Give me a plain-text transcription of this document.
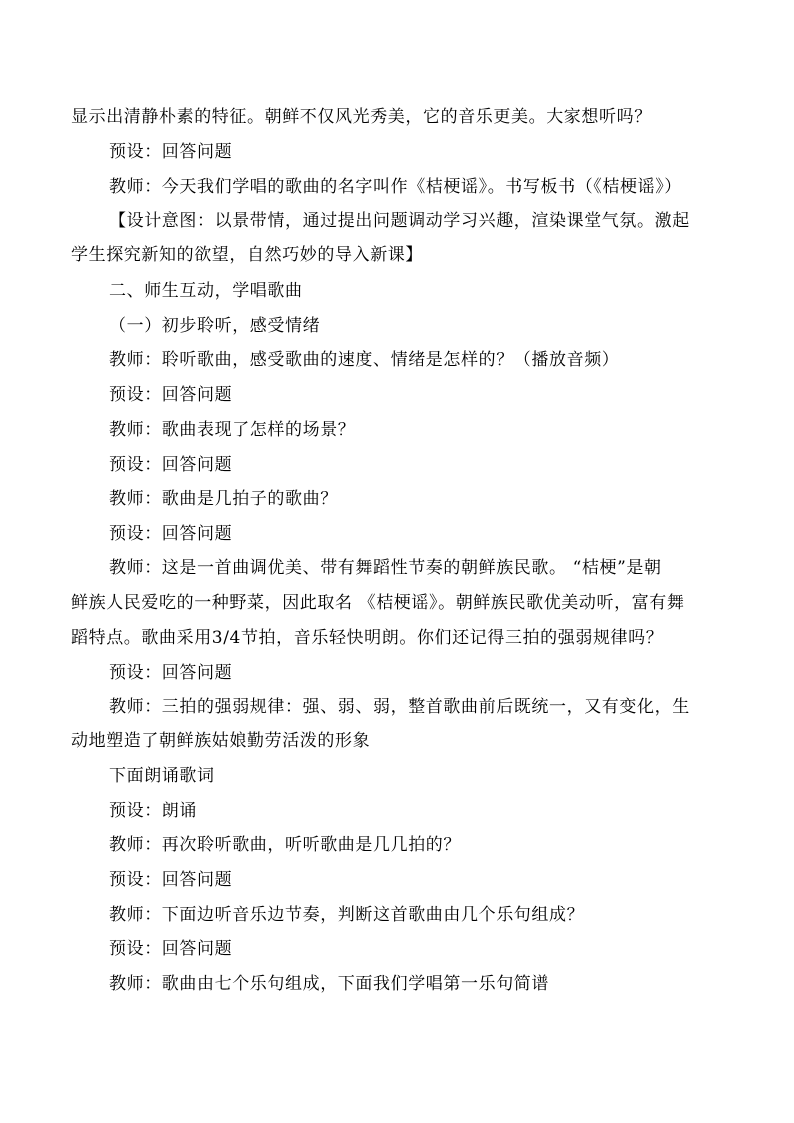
显示出清静朴素的特征。朝鲜不仅风光秀美，它的音乐更美。大家想听吗？
预设：回答问题
教师：今天我们学唱的歌曲的名字叫作《桔梗谣》。书写板书（《桔梗谣》）
【设计意图：以景带情，通过提出问题调动学习兴趣，渲染课堂气氛。激起
学生探究新知的欲望，自然巧妙的导入新课】
二、师生互动，学唱歌曲
（一）初步聆听，感受情绪
教师：聆听歌曲，感受歌曲的速度、情绪是怎样的？（播放音频）
预设：回答问题
教师：歌曲表现了怎样的场景？
预设：回答问题
教师：歌曲是几拍子的歌曲？
预设：回答问题
教师：这是一首曲调优美、带有舞蹈性节奏的朝鲜族民歌。 “桔梗”是朝
鲜族人民爱吃的一种野菜，因此取名 《桔梗谣》。朝鲜族民歌优美动听，富有舞
蹈特点。歌曲采用3/4节拍，音乐轻快明朗。你们还记得三拍的强弱规律吗？
预设：回答问题
教师：三拍的强弱规律：强、弱、弱，整首歌曲前后既统一，又有变化，生
动地塑造了朝鲜族姑娘勤劳活泼的形象
下面朗诵歌词
预设：朗诵
教师：再次聆听歌曲，听听歌曲是几几拍的？
预设：回答问题
教师：下面边听音乐边节奏，判断这首歌曲由几个乐句组成？
预设：回答问题
教师：歌曲由七个乐句组成，下面我们学唱第一乐句简谱
